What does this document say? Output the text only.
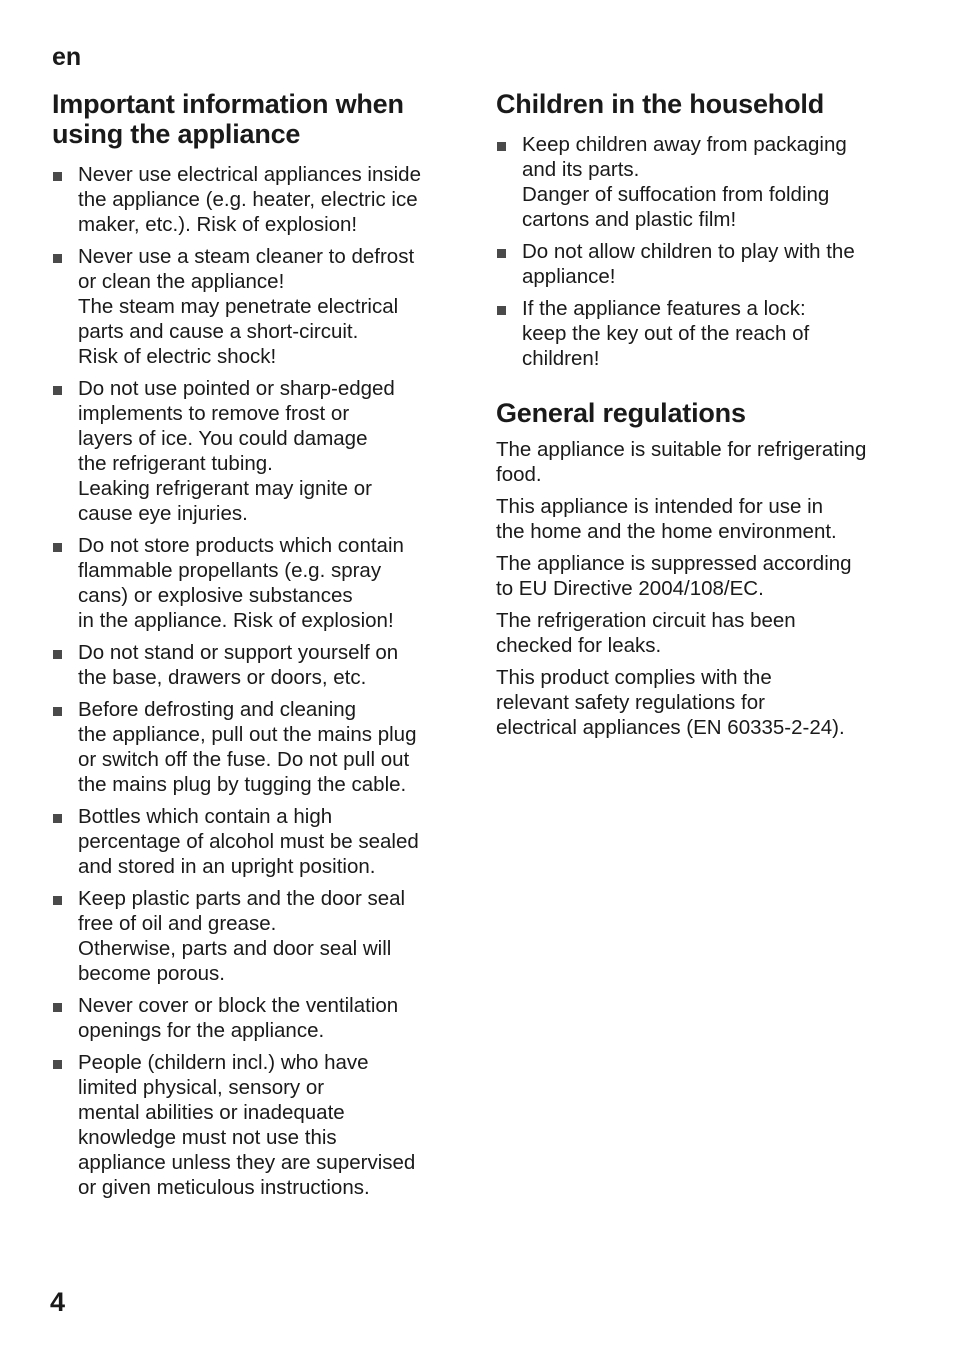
en
Important information when
using the appliance
Never use electrical appliances inside
the appliance (e.g. heater, electric ice
maker, etc.). Risk of explosion!
Never use a steam cleaner to defrost
or clean the appliance!
The steam may penetrate electrical
parts and cause a short-circuit.
Risk of electric shock!
Do not use pointed or sharp-edged
implements to remove frost or
layers of ice. You could damage
the refrigerant tubing.
Leaking refrigerant may ignite or
cause eye injuries.
Do not store products which contain
flammable propellants (e.g. spray
cans) or explosive substances
in the appliance. Risk of explosion!
Do not stand or support yourself on
the base, drawers or doors, etc.
Before defrosting and cleaning
the appliance, pull out the mains plug
or switch off the fuse. Do not pull out
the mains plug by tugging the cable.
Bottles which contain a high
percentage of alcohol must be sealed
and stored in an upright position.
Keep plastic parts and the door seal
free of oil and grease.
Otherwise, parts and door seal will
become porous.
Never cover or block the ventilation
openings for the appliance.
People (childern incl.) who have
limited physical, sensory or
mental abilities or inadequate
knowledge must not use this
appliance unless they are supervised
or given meticulous instructions.
Children in the household
Keep children away from packaging
and its parts.
Danger of suffocation from folding
cartons and plastic film!
Do not allow children to play with the
appliance!
If the appliance features a lock:
keep the key out of the reach of
children!
General regulations

The appliance is suitable for refrigerating
food.

This appliance is intended for use in
the home and the home environment.

The appliance is suppressed according
to EU Directive 2004/108/EC.

The refrigeration circuit has been
checked for leaks.

This product complies with the
relevant safety regulations for
electrical appliances (EN 60335-2-24).

4
